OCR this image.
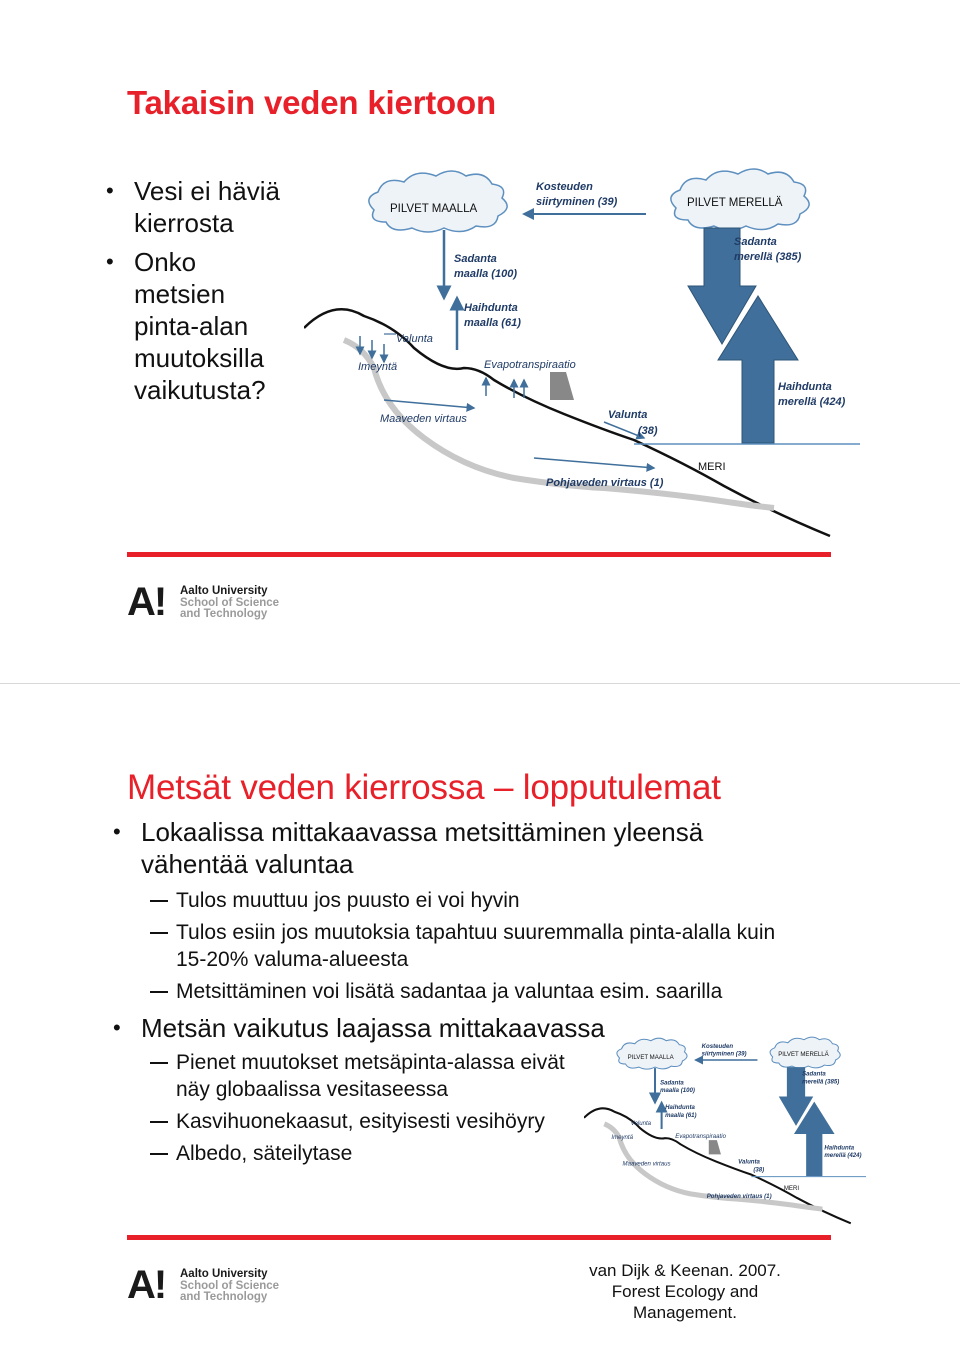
Takaisin veden kiertoon
• Vesi ei häviä kierrosta
• Onko metsien pinta-alan muutoksilla vaikutusta?
PILVET MAALLA	PILVET MERELLÄ
Kosteuden
siirtyminen (39)
Sadanta
maalla (100)
Haihdunta
maalla (61)
Sadanta
merellä (385)
Haihdunta
merellä (424)
Valunta
Imeyntä	Evapotranspiraatio
Maaveden virtaus	Valunta
(38)
MERI
Pohjaveden virtaus (1)
A! Aalto University
School of Science
and Technology
Metsät veden kierrossa – lopputulemat
• Lokaalissa mittakaavassa metsittäminen yleensä vähentää valuntaa
Tulos muuttuu jos puusto ei voi hyvin
Tulos esiin jos muutoksia tapahtuu suuremmalla pinta-alalla kuin 15-20% valuma-alueesta
Metsittäminen voi lisätä sadantaa ja valuntaa esim. saarilla
• Metsän vaikutus laajassa mittakaavassa
Pienet muutokset metsäpinta-alassa eivät näy globaalissa vesitaseessa
Kasvihuonekaasut, esityisesti vesihöyry
Albedo, säteilytase
PILVET MAALLA	PILVET MERELLÄ
Kosteuden
siirtyminen (39)
Sadanta
maalla (100)
Haihdunta
maalla (61)
Sadanta
merellä (385)
Haihdunta
merellä (424)
Valunta
Imeyntä	Evapotranspiraatio
Maaveden virtaus	Valunta
(38)
MERI
Pohjaveden virtaus (1)
A! Aalto University
School of Science
and Technology
van Dijk & Keenan. 2007. Forest Ecology and Management.
